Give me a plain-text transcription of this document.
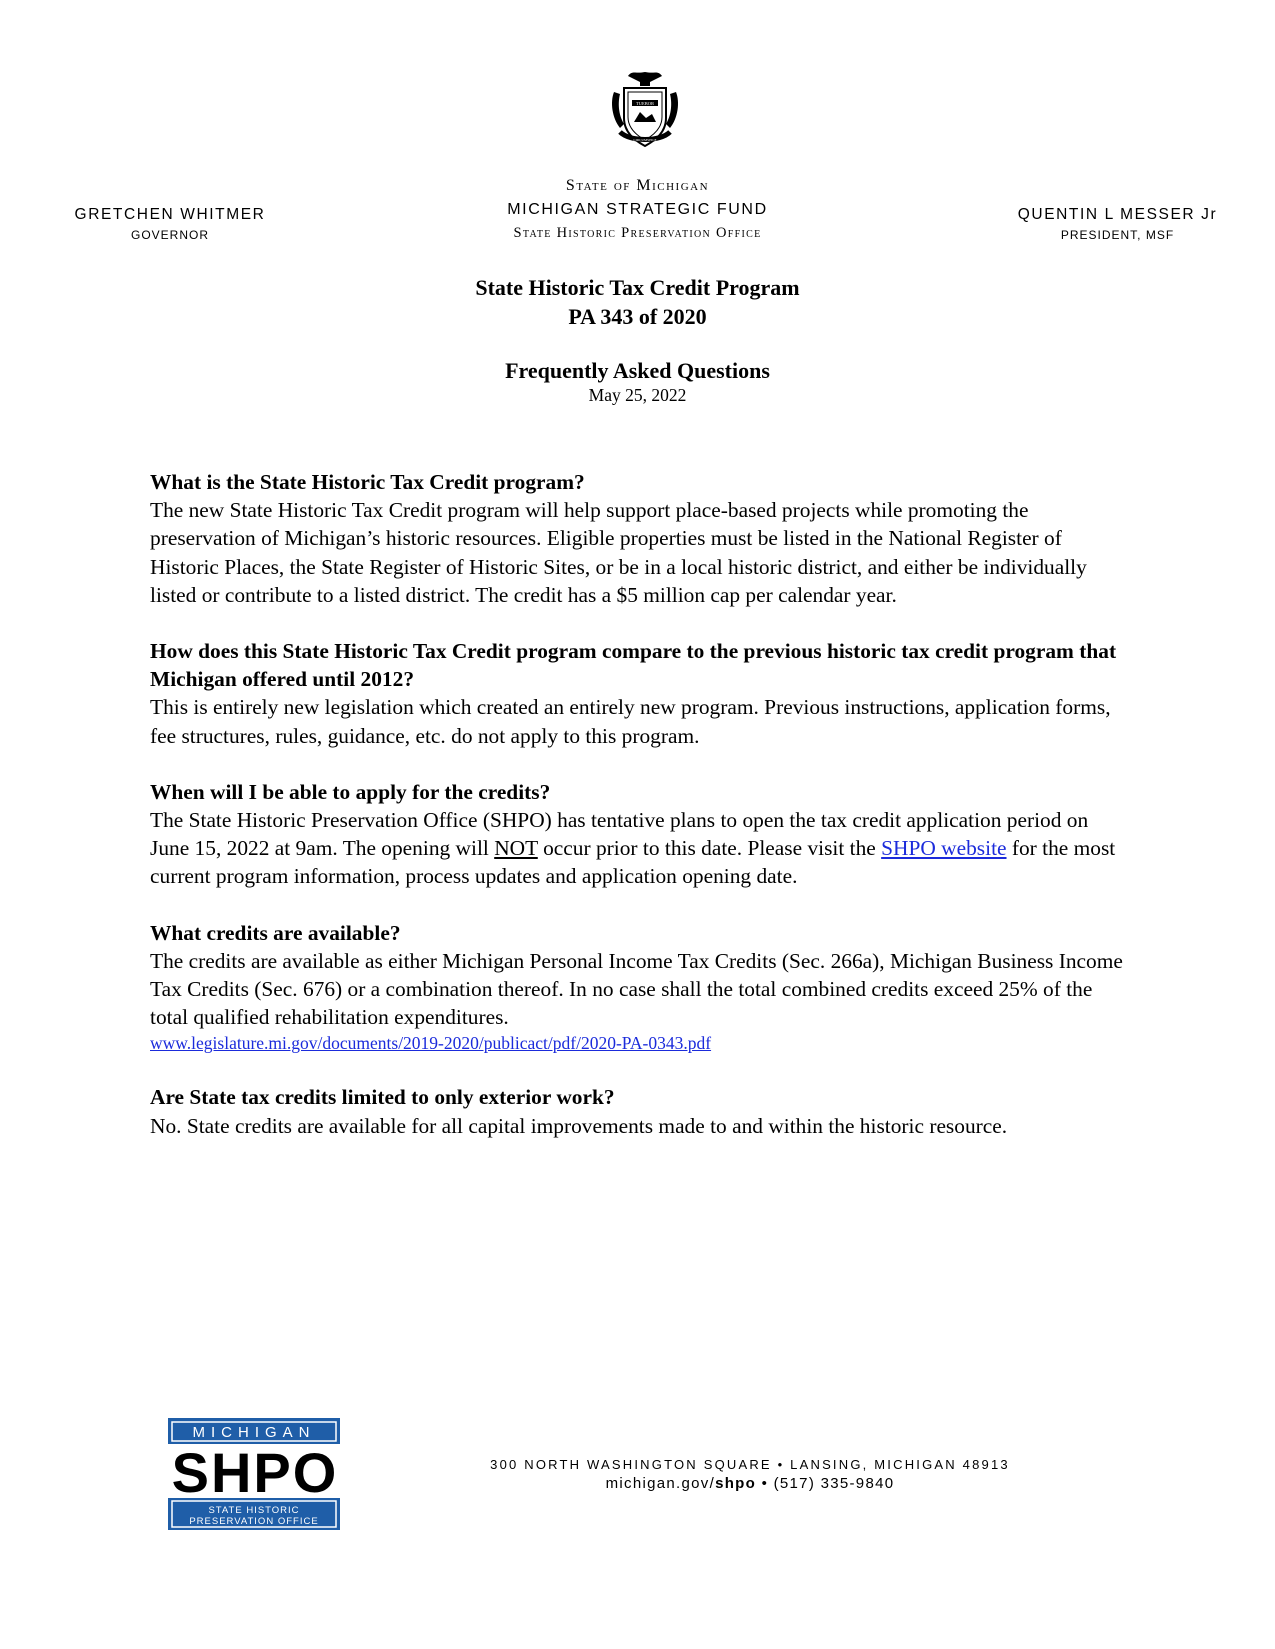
TUEBOR
CIRCUMSPICE
GRETCHEN WHITMER
GOVERNOR
State of Michigan
MICHIGAN STRATEGIC FUND
State Historic Preservation Office
QUENTIN L MESSER Jr
PRESIDENT, MSF
State Historic Tax Credit Program
PA 343 of 2020
Frequently Asked Questions
May 25, 2022
What is the State Historic Tax Credit program?
The new State Historic Tax Credit program will help support place-based projects while promoting the preservation of Michigan’s historic resources. Eligible properties must be listed in the National Register of Historic Places, the State Register of Historic Sites, or be in a local historic district, and either be individually listed or contribute to a listed district. The credit has a $5 million cap per calendar year.
How does this State Historic Tax Credit program compare to the previous historic tax credit program that Michigan offered until 2012?
This is entirely new legislation which created an entirely new program. Previous instructions, application forms, fee structures, rules, guidance, etc. do not apply to this program.
When will I be able to apply for the credits?
The State Historic Preservation Office (SHPO) has tentative plans to open the tax credit application period on June 15, 2022 at 9am. The opening will NOT occur prior to this date. Please visit the SHPO website for the most current program information, process updates and application opening date.
What credits are available?
The credits are available as either Michigan Personal Income Tax Credits (Sec. 266a), Michigan Business Income Tax Credits (Sec. 676) or a combination thereof. In no case shall the total combined credits exceed 25% of the total qualified rehabilitation expenditures.
www.legislature.mi.gov/documents/2019-2020/publicact/pdf/2020-PA-0343.pdf
Are State tax credits limited to only exterior work?
No. State credits are available for all capital improvements made to and within the historic resource.
MICHIGAN
SHPO
STATE HISTORIC
PRESERVATION OFFICE
300 NORTH WASHINGTON SQUARE • LANSING, MICHIGAN 48913
michigan.gov/shpo • (517) 335-9840
